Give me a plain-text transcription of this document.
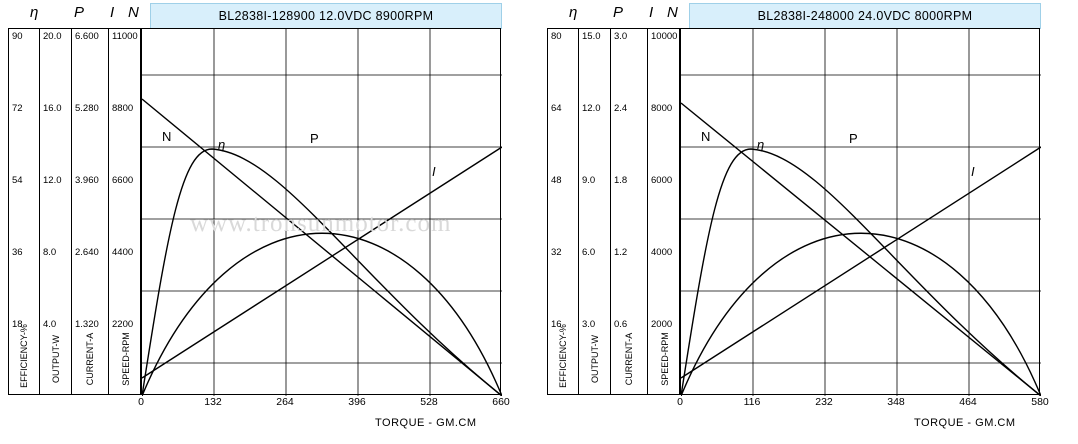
η P I N	BL2838I-128900 12.0VDC 8900RPM
90
72
54
36
18
EFFICIENCY-%
20.0
16.0
12.0
8.0
4.0
OUTPUT-W
6.600
5.280
3.960
2.640
1.320
CURRENT-A
11000
8800
6600
4400
2200
SPEED-RPM
N
η	P
I
0	132	264	396	528	660
TORQUE - GM.CM
η P I N	BL2838I-248000 24.0VDC 8000RPM
80
64
48
32
16
EFFICIENCY-%
15.0
12.0
9.0
6.0
3.0
OUTPUT-W
3.0
2.4
1.8
1.2
0.6
CURRENT-A
10000
8000
6000
4000
2000
SPEED-RPM
N
η	P
I
0	116	232	348	464	580
TORQUE - GM.CM
www.tronsunmotor.com
